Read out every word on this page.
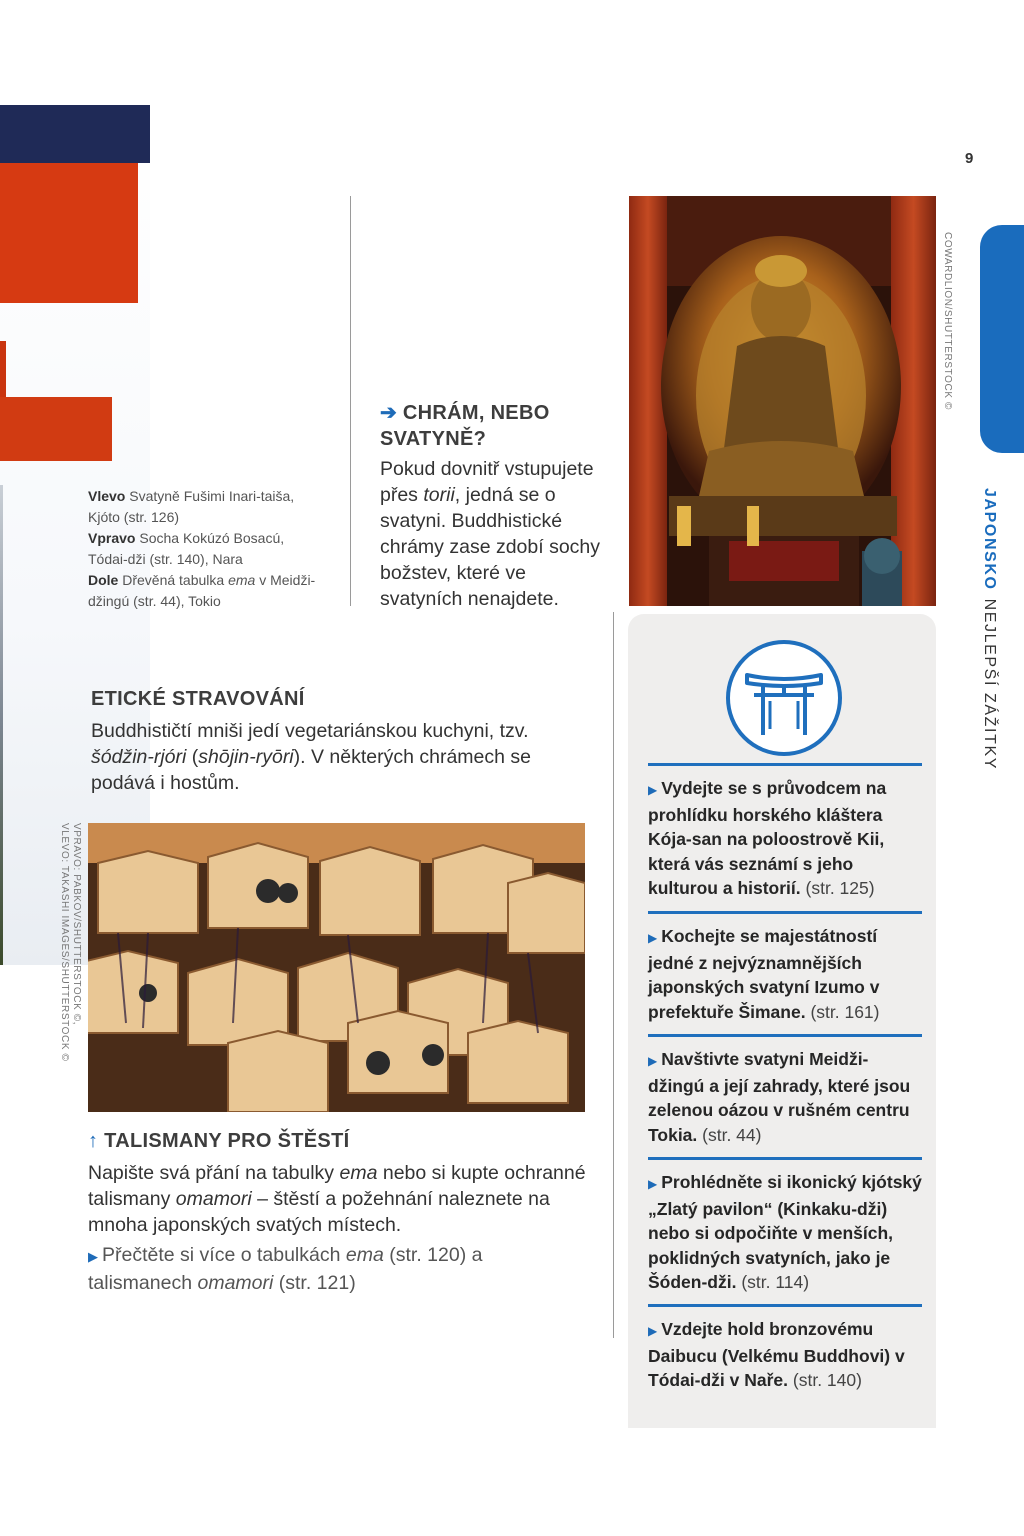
Vlevo Svatyně Fušimi Inari-taiša, Kjóto (str. 126)
Vpravo Socha Kokúzó Bosacú, Tódai-dži (str. 140), Nara
Dole Dřevěná tabulka ema v Meidži-džingú (str. 44), Tokio
➔ CHRÁM, NEBO SVATYNĚ?
Pokud dovnitř vstupujete přes torii, jedná se o svatyni. Buddhistické chrámy zase zdobí sochy božstev, které ve svatyních nenajdete.
COWARDLION/SHUTTERSTOCK ©
VPRAVO: PABKOV/SHUTTERSTOCK ©,
VLEVO: TAKASHI IMAGES/SHUTTERSTOCK ©
9
JAPONSKONEJLEPŠÍ ZÁŽITKY
ETICKÉ STRAVOVÁNÍ
Buddhističtí mniši jedí vegetariánskou kuchyni, tzv. šódžin-rjóri (shōjin-ryōri). V některých chrámech se podává i hostům.
↑ TALISMANY PRO ŠTĚSTÍ
Napište svá přání na tabulky ema nebo si kupte ochranné talismany omamori – štěstí a požehnání naleznete na mnoha japonských svatých místech.
▶ Přečtěte si více o tabulkách ema (str. 120) a talismanech omamori (str. 121)
▶ Vydejte se s průvodcem na prohlídku horského kláštera Kója-san na poloostrově Kii, která vás seznámí s jeho kulturou a historií. (str. 125)
▶ Kochejte se majestátností jedné z nejvýznamnějších japonských svatyní Izumo v prefektuře Šimane. (str. 161)
▶ Navštivte svatyni Meidži-džingú a její zahrady, které jsou zelenou oázou v rušném centru Tokia. (str. 44)
▶ Prohlédněte si ikonický kjótský „Zlatý pavilon“ (Kinkaku-dži) nebo si odpočiňte v menších, poklidných svatyních, jako je Šóden-dži. (str. 114)
▶ Vzdejte hold bronzovému Daibucu (Velkému Buddhovi) v Tódai-dži v Naře. (str. 140)
